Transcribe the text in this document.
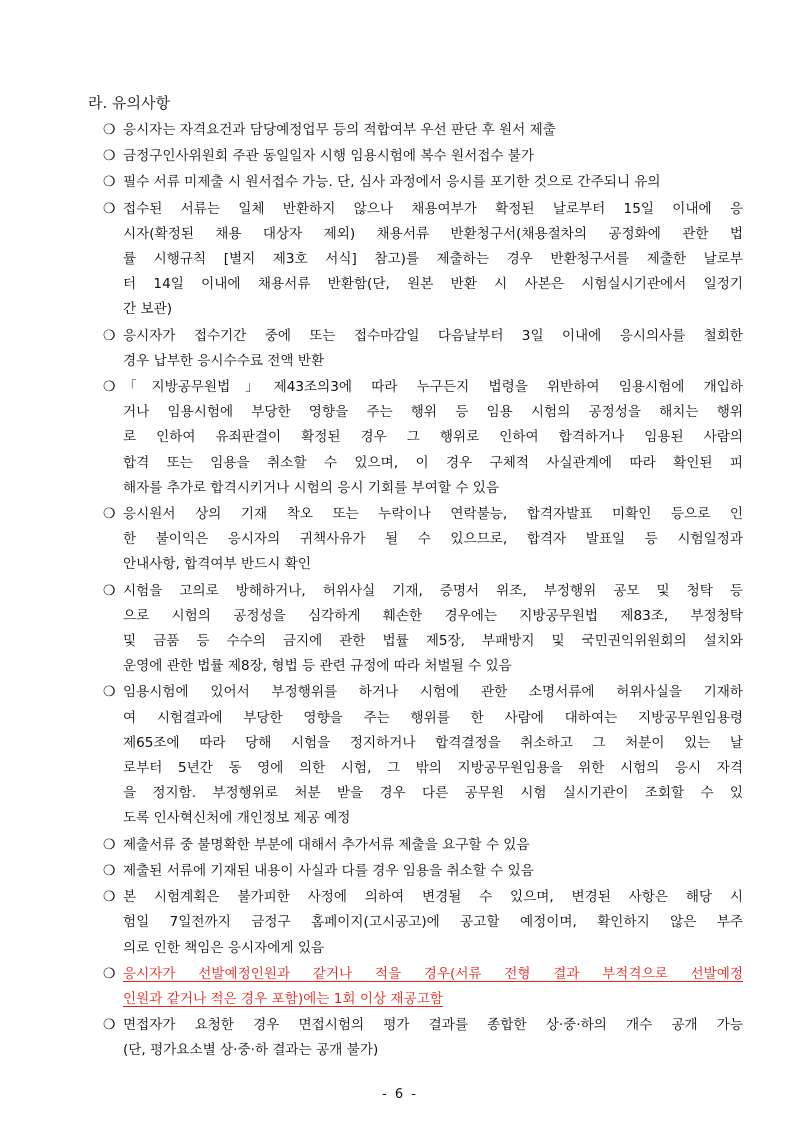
라. 유의사항
❍ 응시자는 자격요건과 담당예정업무 등의 적합여부 우선 판단 후 원서 제출
❍ 금정구인사위원회 주관 동일일자 시행 임용시험에 복수 원서접수 불가
❍ 필수 서류 미제출 시 원서접수 가능. 단, 심사 과정에서 응시를 포기한 것으로 간주되니 유의
❍ 접수된 서류는 일체 반환하지 않으나 채용여부가 확정된 날로부터 15일 이내에 응
시자(확정된 채용 대상자 제외) 채용서류 반환청구서(채용절차의 공정화에 관한 법
률 시행규칙 [별지 제3호 서식] 참고)를 제출하는 경우 반환청구서를 제출한 날로부
터 14일 이내에 채용서류 반환함(단, 원본 반환 시 사본은 시험실시기관에서 일정기
간 보관)
❍ 응시자가 접수기간 중에 또는 접수마감일 다음날부터 3일 이내에 응시의사를 철회한
경우 납부한 응시수수료 전액 반환
❍ 「지방공무원법」제43조의3에 따라 누구든지 법령을 위반하여 임용시험에 개입하
거나 임용시험에 부당한 영향을 주는 행위 등 임용 시험의 공정성을 해치는 행위
로 인하여 유죄판결이 확정된 경우 그 행위로 인하여 합격하거나 임용된 사람의
합격 또는 임용을 취소할 수 있으며, 이 경우 구체적 사실관계에 따라 확인된 피
해자를 추가로 합격시키거나 시험의 응시 기회를 부여할 수 있음
❍ 응시원서 상의 기재 착오 또는 누락이나 연락불능, 합격자발표 미확인 등으로 인
한 불이익은 응시자의 귀책사유가 될 수 있으므로, 합격자 발표일 등 시험일정과
안내사항, 합격여부 반드시 확인
❍ 시험을 고의로 방해하거나, 허위사실 기재, 증명서 위조, 부정행위 공모 및 청탁 등
으로 시험의 공정성을 심각하게 훼손한 경우에는 지방공무원법 제83조, 부정청탁
및 금품 등 수수의 금지에 관한 법률 제5장, 부패방지 및 국민권익위원회의 설치와
운영에 관한 법률 제8장, 형법 등 관련 규정에 따라 처벌될 수 있음
❍ 임용시험에 있어서 부정행위를 하거나 시험에 관한 소명서류에 허위사실을 기재하
여 시험결과에 부당한 영향을 주는 행위를 한 사람에 대하여는 지방공무원임용령
제65조에 따라 당해 시험을 정지하거나 합격결정을 취소하고 그 처분이 있는 날
로부터 5년간 동 영에 의한 시험, 그 밖의 지방공무원임용을 위한 시험의 응시 자격
을 정지함. 부정행위로 처분 받을 경우 다른 공무원 시험 실시기관이 조회할 수 있
도록 인사혁신처에 개인정보 제공 예정
❍ 제출서류 중 불명확한 부분에 대해서 추가서류 제출을 요구할 수 있음
❍ 제출된 서류에 기재된 내용이 사실과 다를 경우 임용을 취소할 수 있음
❍ 본 시험계획은 불가피한 사정에 의하여 변경될 수 있으며, 변경된 사항은 해당 시
험일 7일전까지 금정구 홈페이지(고시공고)에 공고할 예정이며, 확인하지 않은 부주
의로 인한 책임은 응시자에게 있음
❍ 응시자가 선발예정인원과 같거나 적을 경우(서류 전형 결과 부적격으로 선발예정
인원과 같거나 적은 경우 포함)에는 1회 이상 재공고함
❍ 면접자가 요청한 경우 면접시험의 평가 결과를 종합한 상·중·하의 개수 공개 가능
(단, 평가요소별 상·중·하 결과는 공개 불가)
- 6 -
